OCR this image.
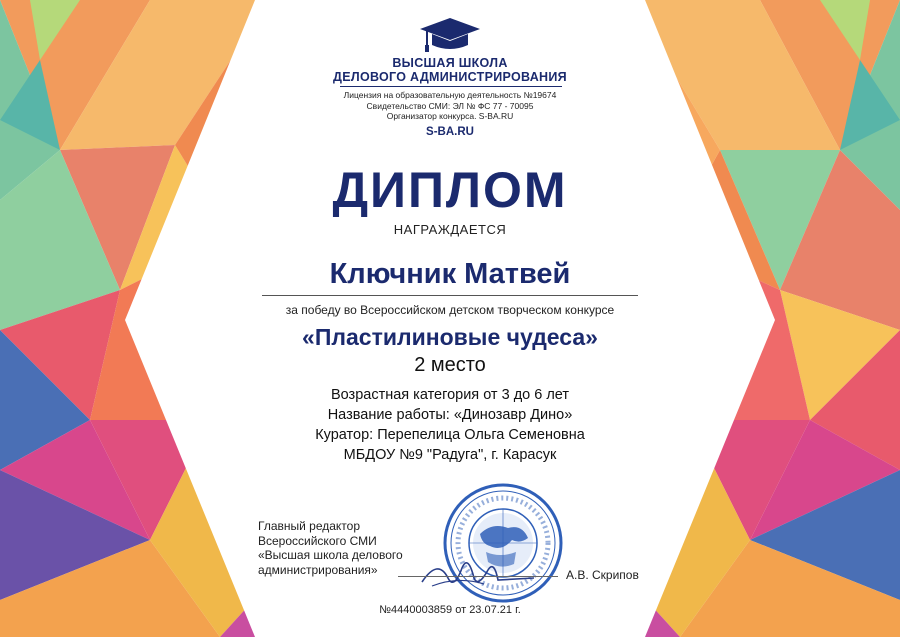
ВЫСШАЯ ШКОЛА
ДЕЛОВОГО АДМИНИСТРИРОВАНИЯ
Лицензия на образовательную деятельность №19674
Свидетельство СМИ: ЭЛ № ФС 77 - 70095
Организатор конкурса. S-BA.RU
S-BA.RU
ДИПЛОМ
НАГРАЖДАЕТСЯ
Ключник Матвей
за победу во Всероссийском детском творческом конкурсе
«Пластилиновые чудеса»
2 место
Возрастная категория от 3 до 6 лет
Название работы: «Динозавр Дино»
Куратор: Перепелица Ольга Семеновна
МБДОУ №9 "Радуга", г. Карасук
Главный редактор
Всероссийского СМИ
«Высшая школа делового
администрирования»	А.В. Скрипов
№4440003859 от 23.07.21 г.
